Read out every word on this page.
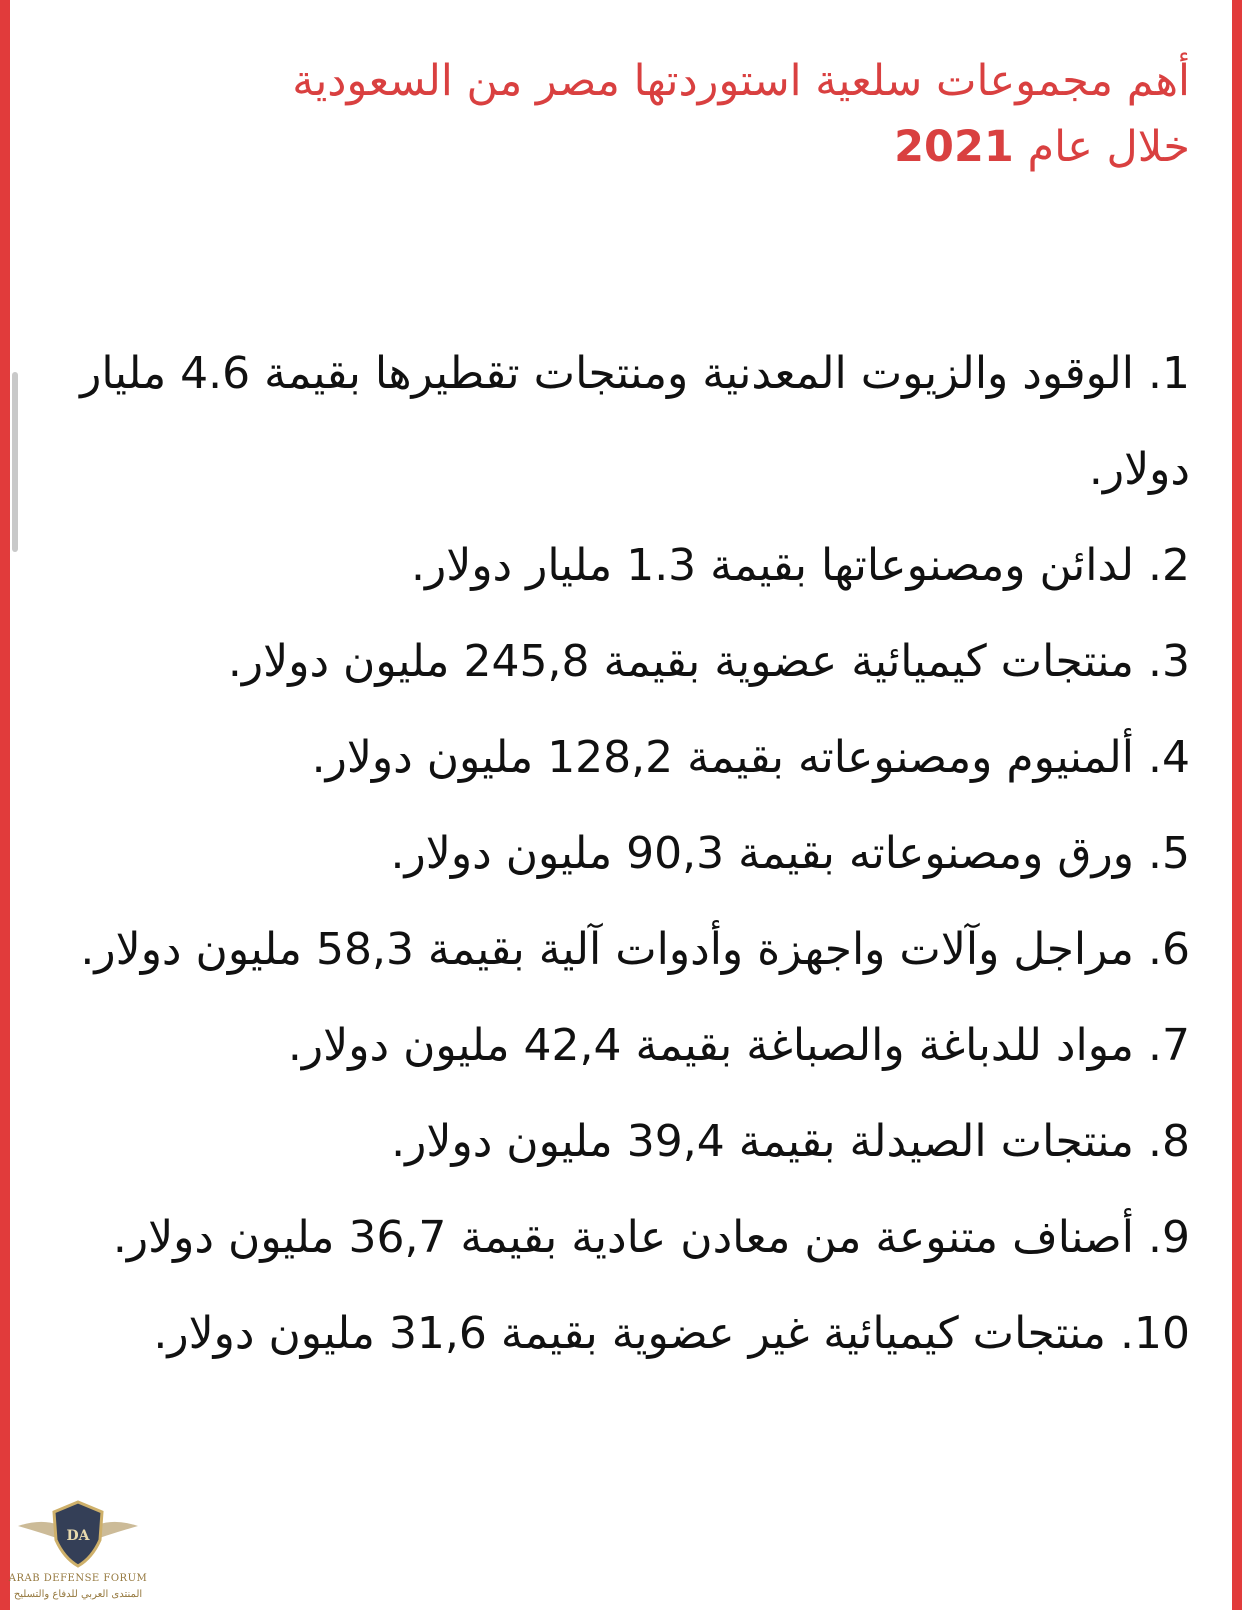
أهم مجموعات سلعية استوردتها مصر من السعودية
خلال عام 2021
1. الوقود والزيوت المعدنية ومنتجات تقطيرها بقيمة 4.6 مليار دولار.
2. لدائن ومصنوعاتها بقيمة 1.3 مليار دولار.
3. منتجات كيميائية عضوية بقيمة 245,8 مليون دولار.
4. ألمنيوم ومصنوعاته بقيمة 128,2 مليون دولار.
5. ورق ومصنوعاته بقيمة 90,3 مليون دولار.
6. مراجل وآلات واجهزة وأدوات آلية بقيمة 58,3 مليون دولار.
7. مواد للدباغة والصباغة بقيمة 42,4 مليون دولار.
8. منتجات الصيدلة بقيمة 39,4 مليون دولار.
9. أصناف متنوعة من معادن عادية بقيمة 36,7 مليون دولار.
10. منتجات كيميائية غير عضوية بقيمة 31,6 مليون دولار.
DA
ARAB DEFENSE FORUM
المنتدى العربي للدفاع والتسليح
